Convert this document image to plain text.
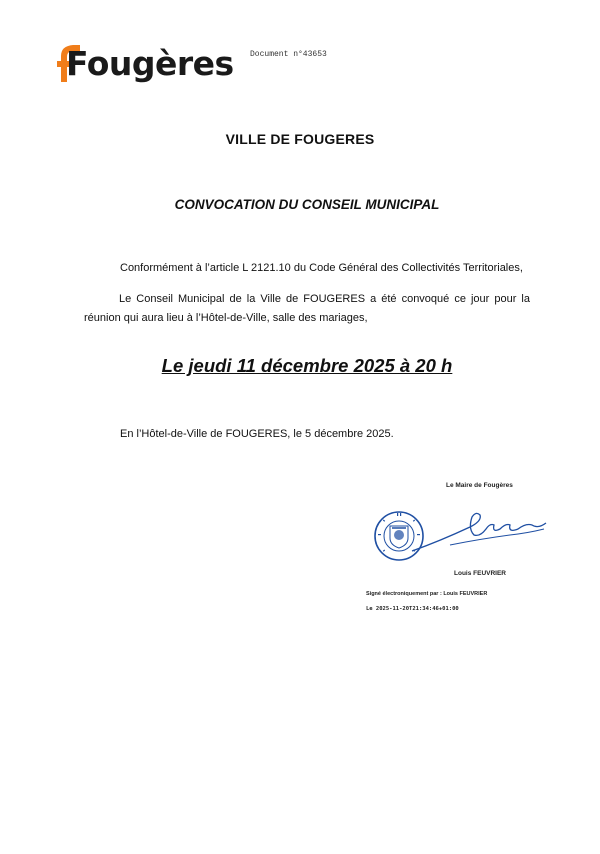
Fougères Document n°43653
VILLE DE FOUGERES
CONVOCATION DU CONSEIL MUNICIPAL
Conformément à l’article L 2121.10 du Code Général des Collectivités Territoriales,
Le Conseil Municipal de la Ville de FOUGERES a été convoqué ce jour pour la réunion qui aura lieu à l’Hôtel-de-Ville, salle des mariages,
Le jeudi 11 décembre 2025 à 20 h
En l’Hôtel-de-Ville de FOUGERES, le 5 décembre 2025.
Le Maire de Fougères
Louis FEUVRIER
Signé électroniquement par : Louis FEUVRIER
Le 2025-11-20T21:34:46+01:00
